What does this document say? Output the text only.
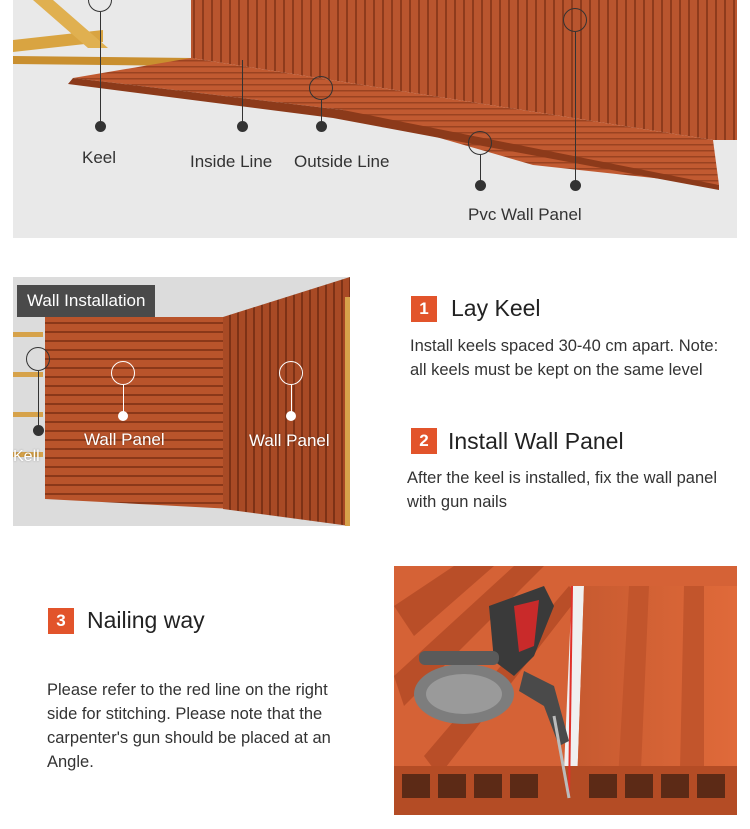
Keel	Inside Line Outside Line
Pvc Wall Panel
Wall Installation
Kell
Wall Panel	Wall Panel
1 Lay Keel
Install keels spaced 30-40 cm apart. Note: all keels must be kept on the same level
2 Install Wall Panel
After the keel is installed, fix the wall panel with gun nails
3 Nailing way
Please refer to the red line on the right side for stitching. Please note that the carpenter's gun should be placed at an Angle.
